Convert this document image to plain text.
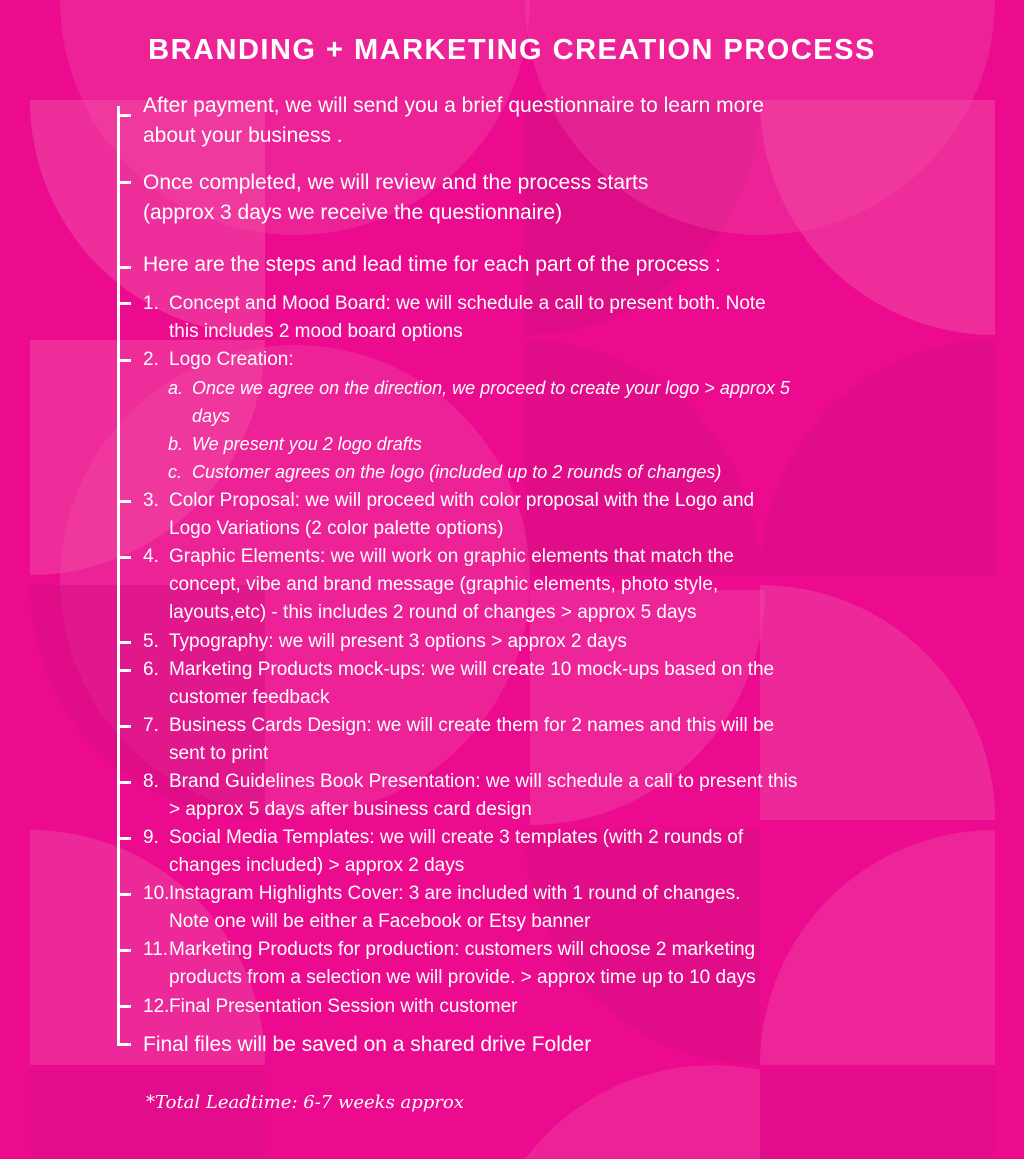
BRANDING + MARKETING CREATION PROCESS

After payment, we will send you a brief questionnaire to learn more
about your business .

Once completed, we will review and the process starts
(approx 3 days we receive the questionnaire)

Here are the steps and lead time for each part of the process :

1. Concept and Mood Board: we will schedule a call to present both. Note
this includes 2 mood board options

2. Logo Creation:

a. Once we agree on the direction, we proceed to create your logo > approx 5
days

b. We present you 2 logo drafts

c. Customer agrees on the logo (included up to 2 rounds of changes)

3. Color Proposal: we will proceed with color proposal with the Logo and
Logo Variations (2 color palette options)

4. Graphic Elements: we will work on graphic elements that match the
concept, vibe and brand message (graphic elements, photo style,
layouts,etc) - this includes 2 round of changes > approx 5 days

5. Typography: we will present 3 options > approx 2 days

6. Marketing Products mock-ups: we will create 10 mock-ups based on the
customer feedback

7. Business Cards Design: we will create them for 2 names and this will be
sent to print

8. Brand Guidelines Book Presentation: we will schedule a call to present this
> approx 5 days after business card design

9. Social Media Templates: we will create 3 templates (with 2 rounds of
changes included) > approx 2 days

10. Instagram Highlights Cover: 3 are included with 1 round of changes.
Note one will be either a Facebook or Etsy banner

11. Marketing Products for production: customers will choose 2 marketing
products from a selection we will provide. > approx time up to 10 days

12. Final Presentation Session with customer

Final files will be saved on a shared drive Folder

*Total Leadtime: 6-7 weeks approx
